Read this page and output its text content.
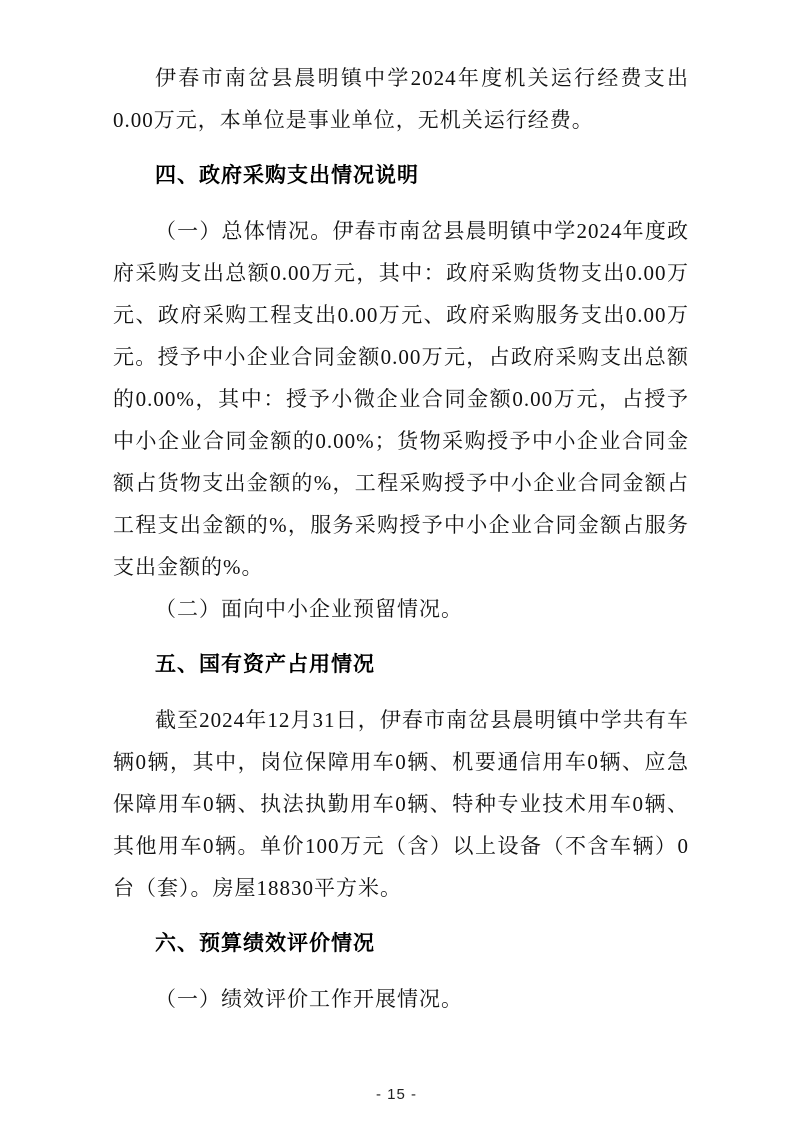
伊春市南岔县晨明镇中学2024年度机关运行经费支出0.00万元，本单位是事业单位，无机关运行经费。

四、政府采购支出情况说明

（一）总体情况。伊春市南岔县晨明镇中学2024年度政府采购支出总额0.00万元，其中：政府采购货物支出0.00万元、政府采购工程支出0.00万元、政府采购服务支出0.00万元。授予中小企业合同金额0.00万元，占政府采购支出总额的0.00%，其中：授予小微企业合同金额0.00万元，占授予中小企业合同金额的0.00%；货物采购授予中小企业合同金额占货物支出金额的%，工程采购授予中小企业合同金额占工程支出金额的%，服务采购授予中小企业合同金额占服务支出金额的%。

（二）面向中小企业预留情况。

五、国有资产占用情况

截至2024年12月31日，伊春市南岔县晨明镇中学共有车辆0辆，其中，岗位保障用车0辆、机要通信用车0辆、应急保障用车0辆、执法执勤用车0辆、特种专业技术用车0辆、其他用车0辆。单价100万元（含）以上设备（不含车辆）0台（套）。房屋18830平方米。

六、预算绩效评价情况

（一）绩效评价工作开展情况。

- 15 -
